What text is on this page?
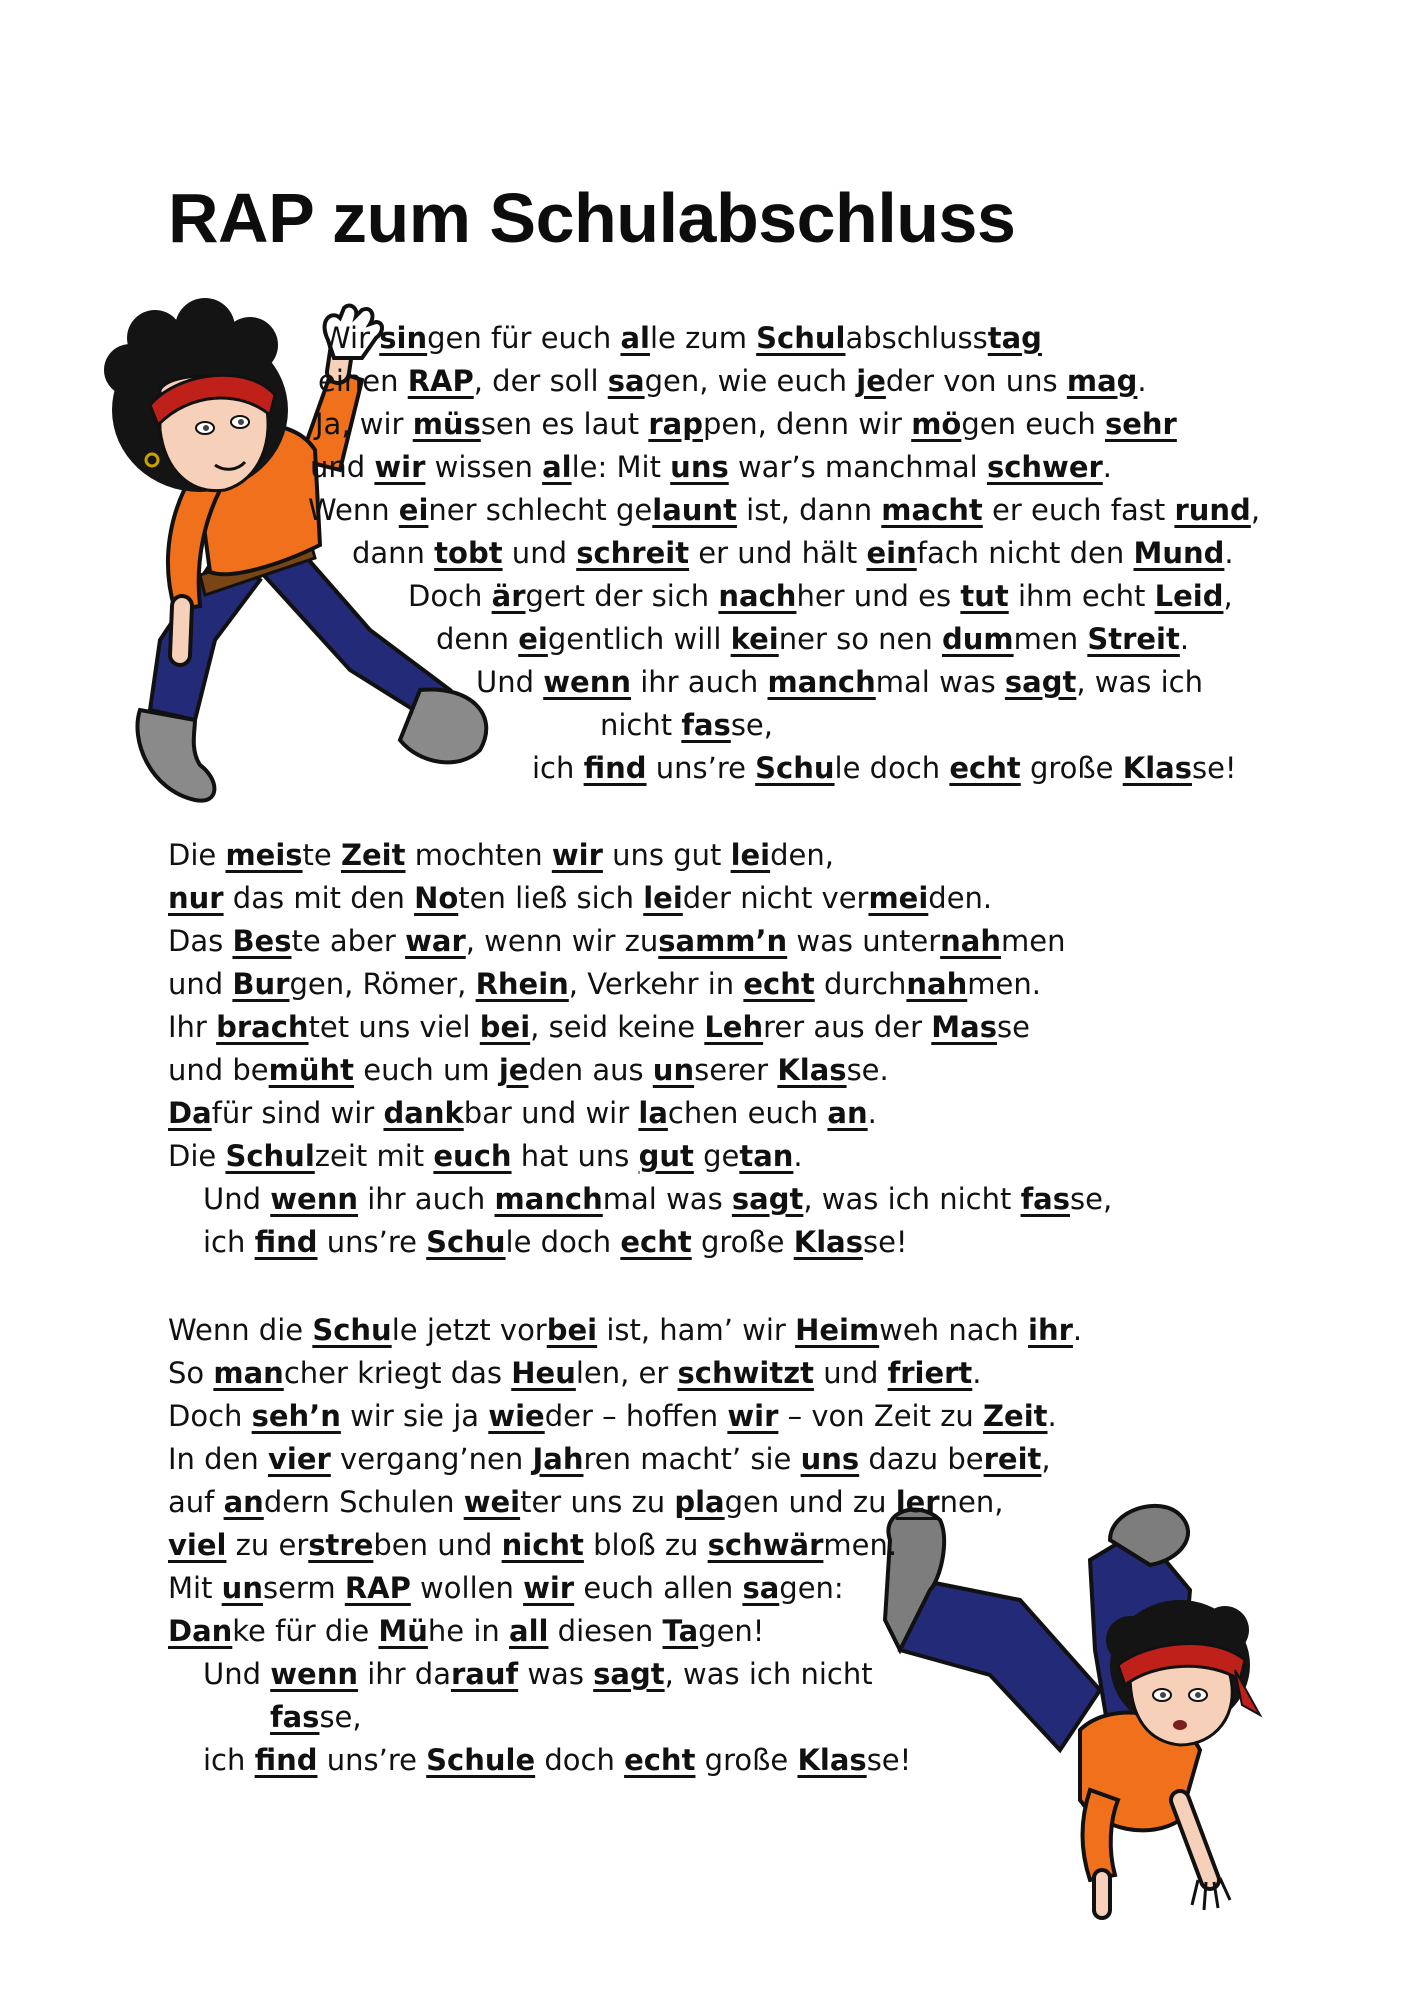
RAP zum Schulabschluss
Wir singen für euch alle zum Schulabschlusstag
einen RAP, der soll sagen, wie euch jeder von uns mag.
Ja, wir müssen es laut rappen, denn wir mögen euch sehr
und wir wissen alle: Mit uns war’s manchmal schwer.
Wenn einer schlecht gelaunt ist, dann macht er euch fast rund,
dann tobt und schreit er und hält einfach nicht den Mund.
Doch ärgert der sich nachher und es tut ihm echt Leid,
denn eigentlich will keiner so nen dummen Streit.
Und wenn ihr auch manchmal was sagt, was ich
nicht fasse,
ich find uns’re Schule doch echt große Klasse!
Die meiste Zeit mochten wir uns gut leiden,
nur das mit den Noten ließ sich leider nicht vermeiden.
Das Beste aber war, wenn wir zusamm’n was unternahmen
und Burgen, Römer, Rhein, Verkehr in echt durchnahmen.
Ihr brachtet uns viel bei, seid keine Lehrer aus der Masse
und bemüht euch um jeden aus unserer Klasse.
Dafür sind wir dankbar und wir lachen euch an.
Die Schulzeit mit euch hat uns gut getan.
Und wenn ihr auch manchmal was sagt, was ich nicht fasse,
ich find uns’re Schule doch echt große Klasse!
Wenn die Schule jetzt vorbei ist, ham’ wir Heimweh nach ihr.
So mancher kriegt das Heulen, er schwitzt und friert.
Doch seh’n wir sie ja wieder – hoffen wir – von Zeit zu Zeit.
In den vier vergang’nen Jahren macht’ sie uns dazu bereit,
auf andern Schulen weiter uns zu plagen und zu lernen,
viel zu erstreben und nicht bloß zu schwärmen.
Mit unserm RAP wollen wir euch allen sagen:
Danke für die Mühe in all diesen Tagen!
Und wenn ihr darauf was sagt, was ich nicht
fasse,
ich find uns’re Schule doch echt große Klasse!
